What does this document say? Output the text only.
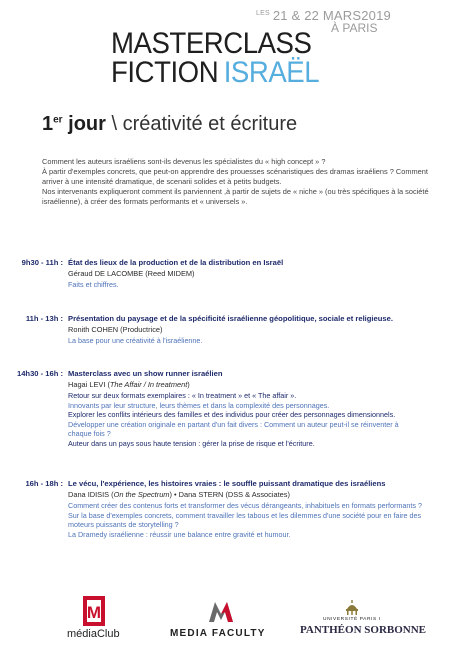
$^{LES}$ 21 & 22 MARS2019
À PARIS
MASTERCLASS
FICTION ISRAËL
1er jour \ créativité et écriture

Comment les auteurs israéliens sont-ils devenus les spécialistes du « high concept » ?

À partir d'exemples concrets, que peut-on apprendre des prouesses scénaristiques des dramas israéliens ? Comment

arriver à une intensité dramatique, de scenarii solides et à petits budgets.

Nos intervenants expliqueront comment ils parviennent ,à partir de sujets de « niche » (ou très spécifiques à la société

israélienne), à créer des formats performants et « universels ».

9h30 - 11h : État des lieux de la production et de la distribution en Israël
Géraud DE LACOMBE (Reed MIDEM)
Faits et chiffres.
11h - 13h : Présentation du paysage et de la spécificité israélienne géopolitique, sociale et religieuse.
Ronith COHEN (Productrice)
La base pour une créativité à l'israélienne.
14h30 - 16h : Masterclass avec un show runner israélien
Hagai LEVI (The Affair / In treatment)
Retour sur deux formats exemplaires : « In treatment » et « The affair ».
Innovants par leur structure, leurs thèmes et dans la complexité des personnages.
Explorer les conflits intérieurs des familles et des individus pour créer des personnages dimensionnels.
Développer une création originale en partant d'un fait divers : Comment un auteur peut-il se réinventer à
chaque fois ?
Auteur dans un pays sous haute tension : gérer la prise de risque et l'écriture.
16h - 18h : Le vécu, l'expérience, les histoires vraies : le souffle puissant dramatique des israéliens
Dana IDISIS (On the Spectrum) • Dana STERN (DSS & Associates)
Comment créer des contenus forts et transformer des vécus dérangeants, inhabituels en formats performants ?
Sur la base d'exemples concrets, comment travailler les tabous et les dilemmes d'une société pour en faire des
moteurs puissants de storytelling ?
La Dramedy israélienne : réussir une balance entre gravité et humour.
M
médiaClub	MEDIA FACULTY
UNIVERSITÉ PARIS I
PANTHÉON SORBONNE
